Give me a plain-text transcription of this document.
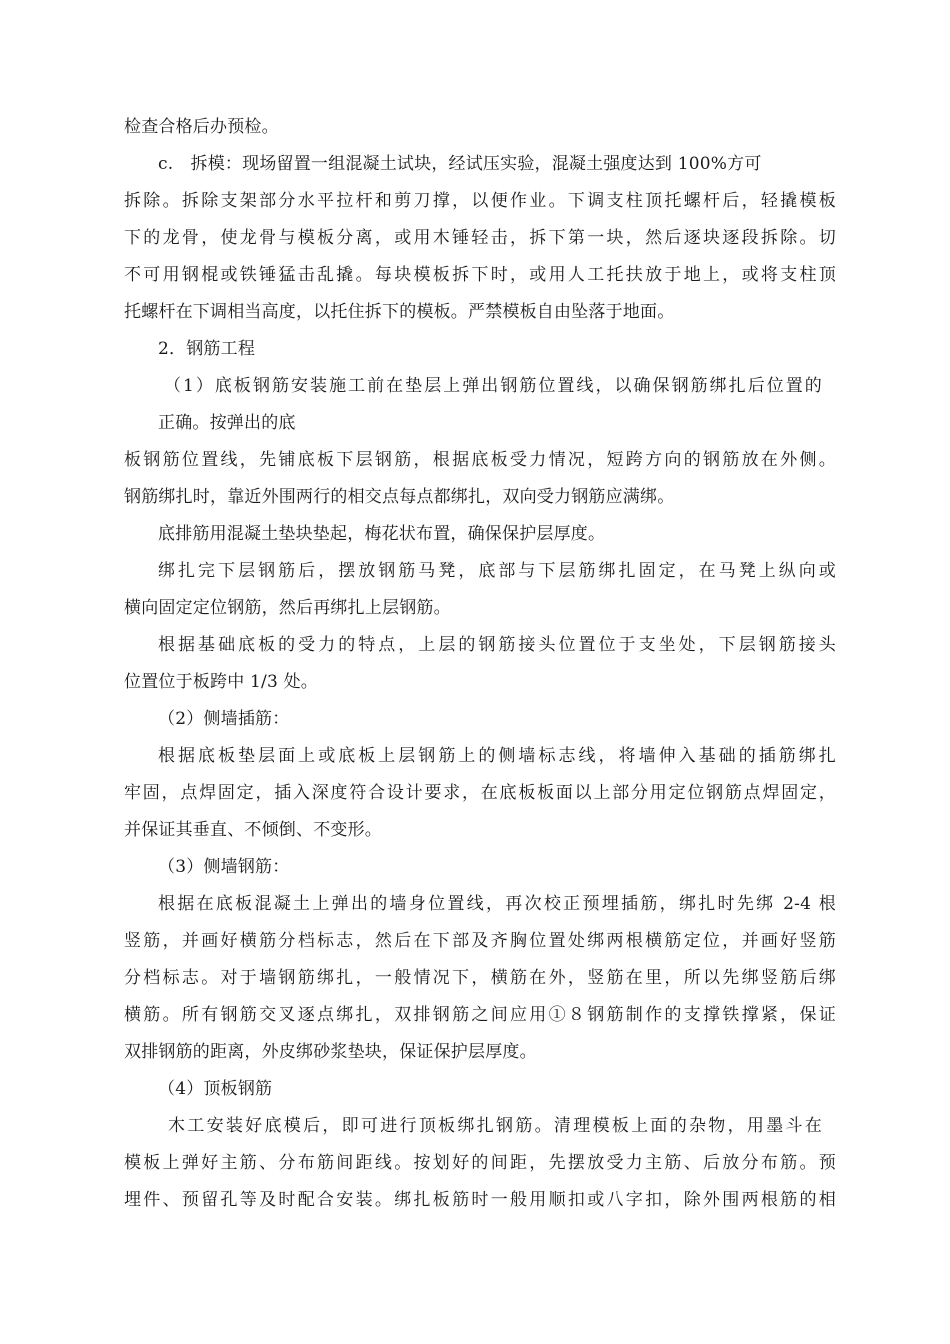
检查合格后办预检。
c.　拆模：现场留置一组混凝土试块，经试压实验，混凝土强度达到 100%方可
拆除。拆除支架部分水平拉杆和剪刀撑，以便作业。下调支柱顶托螺杆后，轻撬模板
下的龙骨，使龙骨与模板分离，或用木锤轻击，拆下第一块，然后逐块逐段拆除。切
不可用钢棍或铁锤猛击乱撬。每块模板拆下时，或用人工托扶放于地上，或将支柱顶
托螺杆在下调相当高度，以托住拆下的模板。严禁模板自由坠落于地面。
2．钢筋工程
（1）底板钢筋安装施工前在垫层上弹出钢筋位置线，以确保钢筋绑扎后位置的
正确。按弹出的底
板钢筋位置线，先铺底板下层钢筋，根据底板受力情况，短跨方向的钢筋放在外侧。
钢筋绑扎时，靠近外围两行的相交点每点都绑扎，双向受力钢筋应满绑。
底排筋用混凝土垫块垫起，梅花状布置，确保保护层厚度。
绑扎完下层钢筋后，摆放钢筋马凳，底部与下层筋绑扎固定，在马凳上纵向或
横向固定定位钢筋，然后再绑扎上层钢筋。
根据基础底板的受力的特点，上层的钢筋接头位置位于支坐处，下层钢筋接头
位置位于板跨中 1/3 处。
（2）侧墙插筋：
根据底板垫层面上或底板上层钢筋上的侧墙标志线，将墙伸入基础的插筋绑扎
牢固，点焊固定，插入深度符合设计要求，在底板板面以上部分用定位钢筋点焊固定，
并保证其垂直、不倾倒、不变形。
（3）侧墙钢筋：
根据在底板混凝土上弹出的墙身位置线，再次校正预埋插筋，绑扎时先绑 2-4 根
竖筋，并画好横筋分档标志，然后在下部及齐胸位置处绑两根横筋定位，并画好竖筋
分档标志。对于墙钢筋绑扎，一般情况下，横筋在外，竖筋在里，所以先绑竖筋后绑
横筋。所有钢筋交叉逐点绑扎，双排钢筋之间应用①８钢筋制作的支撑铁撑紧，保证
双排钢筋的距离，外皮绑砂浆垫块，保证保护层厚度。
（4）顶板钢筋
木工安装好底模后，即可进行顶板绑扎钢筋。清理模板上面的杂物，用墨斗在
模板上弹好主筋、分布筋间距线。按划好的间距，先摆放受力主筋、后放分布筋。预
埋件、预留孔等及时配合安装。绑扎板筋时一般用顺扣或八字扣，除外围两根筋的相
